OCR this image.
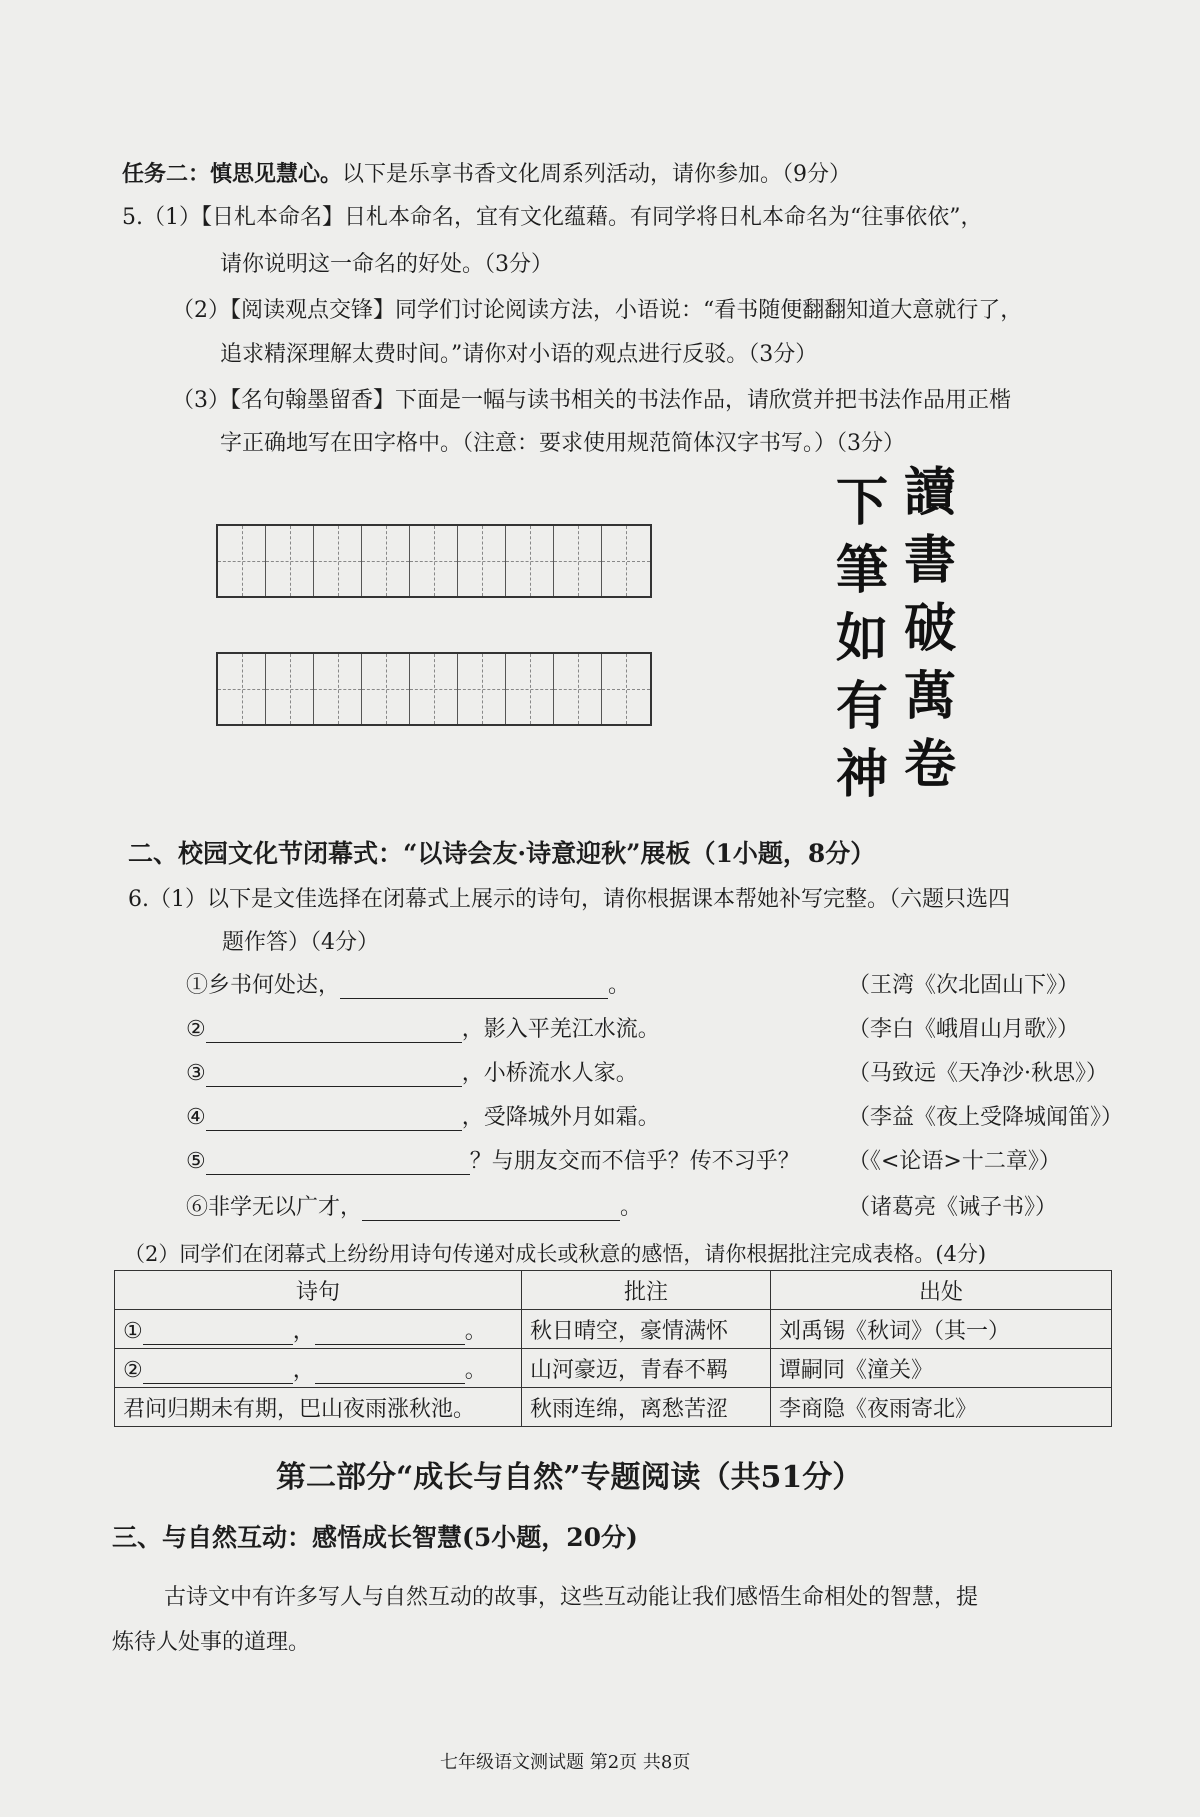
任务二：慎思见慧心。以下是乐享书香文化周系列活动，请你参加。（9分）
5.（1）【日札本命名】日札本命名，宜有文化蕴藉。有同学将日札本命名为“往事依依”，
请你说明这一命名的好处。（3分）
（2）【阅读观点交锋】同学们讨论阅读方法，小语说：“看书随便翻翻知道大意就行了，
追求精深理解太费时间。”请你对小语的观点进行反驳。（3分）
（3）【名句翰墨留香】下面是一幅与读书相关的书法作品，请欣赏并把书法作品用正楷
字正确地写在田字格中。（注意：要求使用规范简体汉字书写。）（3分）
讀
書
破
萬
卷
下
筆
如
有
神
二、校园文化节闭幕式：“以诗会友·诗意迎秋”展板（1小题，8分）
6.（1）以下是文佳选择在闭幕式上展示的诗句，请你根据课本帮她补写完整。（六题只选四
题作答）（4分）
①乡书何处达，	。	（王湾《次北固山下》）
②	，影入平羌江水流。	（李白《峨眉山月歌》）
③	，小桥流水人家。	（马致远《天净沙·秋思》）
④	，受降城外月如霜。	（李益《夜上受降城闻笛》）
⑤	？与朋友交而不信乎？传不习乎？ （《<论语>十二章》）
⑥非学无以广才，	。	（诸葛亮《诫子书》）
（2）同学们在闭幕式上纷纷用诗句传递对成长或秋意的感悟，请你根据批注完成表格。(4分)
诗句	批注	出处
① ， 。	秋日晴空，豪情满怀	刘禹锡《秋词》（其一）
② ， 。	山河豪迈，青春不羁	谭嗣同《潼关》
君问归期未有期，巴山夜雨涨秋池。	秋雨连绵，离愁苦涩	李商隐《夜雨寄北》
第二部分“成长与自然”专题阅读（共51分）
三、与自然互动：感悟成长智慧(5小题，20分)
古诗文中有许多写人与自然互动的故事，这些互动能让我们感悟生命相处的智慧，提
炼待人处事的道理。
七年级语文测试题 第2页 共8页
